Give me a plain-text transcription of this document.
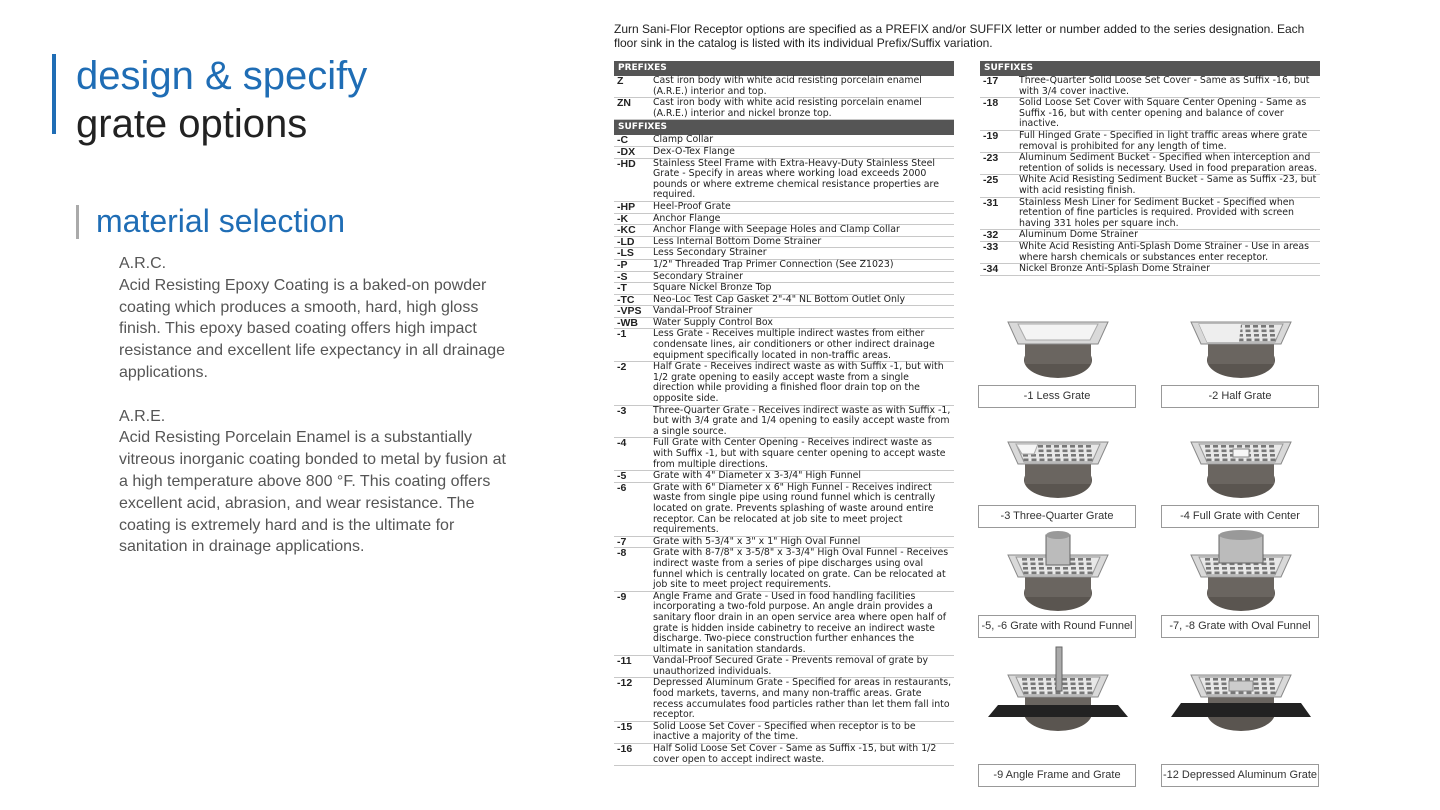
design & specify
grate options
material selection
A.R.C.
Acid Resisting Epoxy Coating is a baked-on powder coating which produces a smooth, hard, high gloss finish. This epoxy based coating offers high impact resistance and excellent life expectancy in all drainage applications.
A.R.E.
Acid Resisting Porcelain Enamel is a substantially vitreous inorganic coating bonded to metal by fusion at a high temperature above 800 °F. This coating offers excellent acid, abrasion, and wear resistance. The coating is extremely hard and is the ultimate for sanitation in drainage applications.
Zurn Sani-Flor Receptor options are specified as a PREFIX and/or SUFFIX letter or number added to the series designation. Each floor sink in the catalog is listed with its individual Prefix/Suffix variation.
PREFIXES
Z	Cast iron body with white acid resisting porcelain enamel (A.R.E.) interior and top.
ZN	Cast iron body with white acid resisting porcelain enamel (A.R.E.) interior and nickel bronze top.
SUFFIXES
-C	Clamp Collar
-DX	Dex-O-Tex Flange
-HD	Stainless Steel Frame with Extra-Heavy-Duty Stainless Steel Grate - Specify in areas where working load exceeds 2000 pounds or where extreme chemical resistance properties are required.
-HP	Heel-Proof Grate
-K	Anchor Flange
-KC	Anchor Flange with Seepage Holes and Clamp Collar
-LD	Less Internal Bottom Dome Strainer
-LS	Less Secondary Strainer
-P	1/2" Threaded Trap Primer Connection (See Z1023)
-S	Secondary Strainer
-T	Square Nickel Bronze Top
-TC	Neo-Loc Test Cap Gasket 2"-4" NL Bottom Outlet Only
-VPS	Vandal-Proof Strainer
-WB	Water Supply Control Box
-1	Less Grate - Receives multiple indirect wastes from either condensate lines, air conditioners or other indirect drainage equipment specifically located in non-traffic areas.
-2	Half Grate - Receives indirect waste as with Suffix -1, but with 1/2 grate opening to easily accept waste from a single direction while providing a finished floor drain top on the opposite side.
-3	Three-Quarter Grate - Receives indirect waste as with Suffix -1, but with 3/4 grate and 1/4 opening to easily accept waste from a single source.
-4	Full Grate with Center Opening - Receives indirect waste as with Suffix -1, but with square center opening to accept waste from multiple directions.
-5	Grate with 4" Diameter x 3-3/4" High Funnel
-6	Grate with 6" Diameter x 6" High Funnel - Receives indirect waste from single pipe using round funnel which is centrally located on grate. Prevents splashing of waste around entire receptor. Can be relocated at job site to meet project requirements.
-7	Grate with 5-3/4" x 3" x 1" High Oval Funnel
-8	Grate with 8-7/8" x 3-5/8" x 3-3/4" High Oval Funnel - Receives indirect waste from a series of pipe discharges using oval funnel which is centrally located on grate. Can be relocated at job site to meet project requirements.
-9	Angle Frame and Grate - Used in food handling facilities incorporating a two-fold purpose. An angle drain provides a sanitary floor drain in an open service area where open half of grate is hidden inside cabinetry to receive an indirect waste discharge. Two-piece construction further enhances the ultimate in sanitation standards.
-11	Vandal-Proof Secured Grate - Prevents removal of grate by unauthorized individuals.
-12	Depressed Aluminum Grate - Specified for areas in restaurants, food markets, taverns, and many non-traffic areas. Grate recess accumulates food particles rather than let them fall into receptor.
-15	Solid Loose Set Cover - Specified when receptor is to be inactive a majority of the time.
-16	Half Solid Loose Set Cover - Same as Suffix -15, but with 1/2 cover open to accept indirect waste.
SUFFIXES
-17	Three-Quarter Solid Loose Set Cover - Same as Suffix -16, but with 3/4 cover inactive.
-18	Solid Loose Set Cover with Square Center Opening - Same as Suffix -16, but with center opening and balance of cover inactive.
-19	Full Hinged Grate - Specified in light traffic areas where grate removal is prohibited for any length of time.
-23	Aluminum Sediment Bucket - Specified when interception and retention of solids is necessary. Used in food preparation areas.
-25	White Acid Resisting Sediment Bucket - Same as Suffix -23, but with acid resisting finish.
-31	Stainless Mesh Liner for Sediment Bucket - Specified when retention of fine particles is required. Provided with screen having 331 holes per square inch.
-32	Aluminum Dome Strainer
-33	White Acid Resisting Anti-Splash Dome Strainer - Use in areas where harsh chemicals or substances enter receptor.
-34	Nickel Bronze Anti-Splash Dome Strainer
-1 Less Grate	-2 Half Grate
-3 Three-Quarter Grate	-4 Full Grate with Center
-5, -6 Grate with Round Funnel	-7, -8 Grate with Oval Funnel
-9 Angle Frame and Grate	-12 Depressed Aluminum Grate
